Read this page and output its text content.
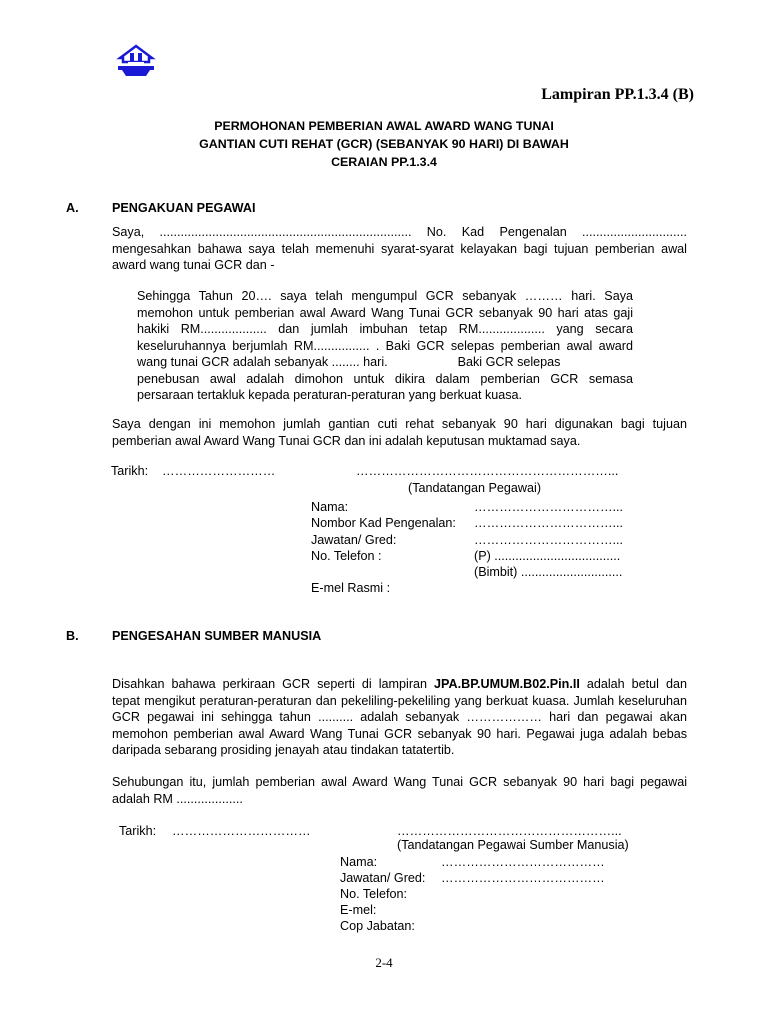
Lampiran PP.1.3.4 (B)
PERMOHONAN PEMBERIAN AWAL AWARD WANG TUNAI
GANTIAN CUTI REHAT (GCR) (SEBANYAK 90 HARI) DI BAWAH
CERAIAN PP.1.3.4
A.	PENGAKUAN PEGAWAI
Saya, ........................................................................ No. Kad Pengenalan ..............................
mengesahkan bahawa saya telah memenuhi syarat-syarat kelayakan bagi tujuan pemberian awal
award wang tunai GCR dan -
Sehingga Tahun 20…. saya telah mengumpul GCR sebanyak ……… hari. Saya
memohon untuk pemberian awal Award Wang Tunai GCR sebanyak 90 hari atas gaji
hakiki RM................... dan jumlah imbuhan tetap RM................... yang secara
keseluruhannya berjumlah RM................ . Baki GCR selepas pemberian awal award
wang tunai GCR adalah sebanyak ........ hari.                    Baki GCR selepas
penebusan awal adalah dimohon untuk dikira dalam pemberian GCR semasa
persaraan tertakluk kepada peraturan-peraturan yang berkuat kuasa.
Saya dengan ini memohon jumlah gantian cuti rehat sebanyak 90 hari digunakan bagi tujuan
pemberian awal Award Wang Tunai GCR dan ini adalah keputusan muktamad saya.
Tarikh: ………………………	……………………………………………………...
(Tandatangan Pegawai)
Nama:	……………………………...
Nombor Kad Pengenalan: ……………………………...
Jawatan/ Gred:	……………………………...
No. Telefon :	(P) ....................................
(Bimbit) .............................
E-mel Rasmi :
B.	PENGESAHAN SUMBER MANUSIA
Disahkan bahawa perkiraan GCR seperti di lampiran JPA.BP.UMUM.B02.Pin.II adalah betul dan
tepat mengikut peraturan-peraturan dan pekeliling-pekeliling yang berkuat kuasa. Jumlah keseluruhan
GCR pegawai ini sehingga tahun .......... adalah sebanyak ……………… hari dan pegawai akan
memohon pemberian awal Award Wang Tunai GCR sebanyak 90 hari. Pegawai juga adalah bebas
daripada sebarang prosiding jenayah atau tindakan tatatertib.
Sehubungan itu, jumlah pemberian awal Award Wang Tunai GCR sebanyak 90 hari bagi pegawai
adalah RM ...................
Tarikh: ……………………………	……………………………………………...
(Tandatangan Pegawai Sumber Manusia)
Nama:	…………………………………
Jawatan/ Gred: …………………………………
No. Telefon:
E-mel:
Cop Jabatan:
2-4
